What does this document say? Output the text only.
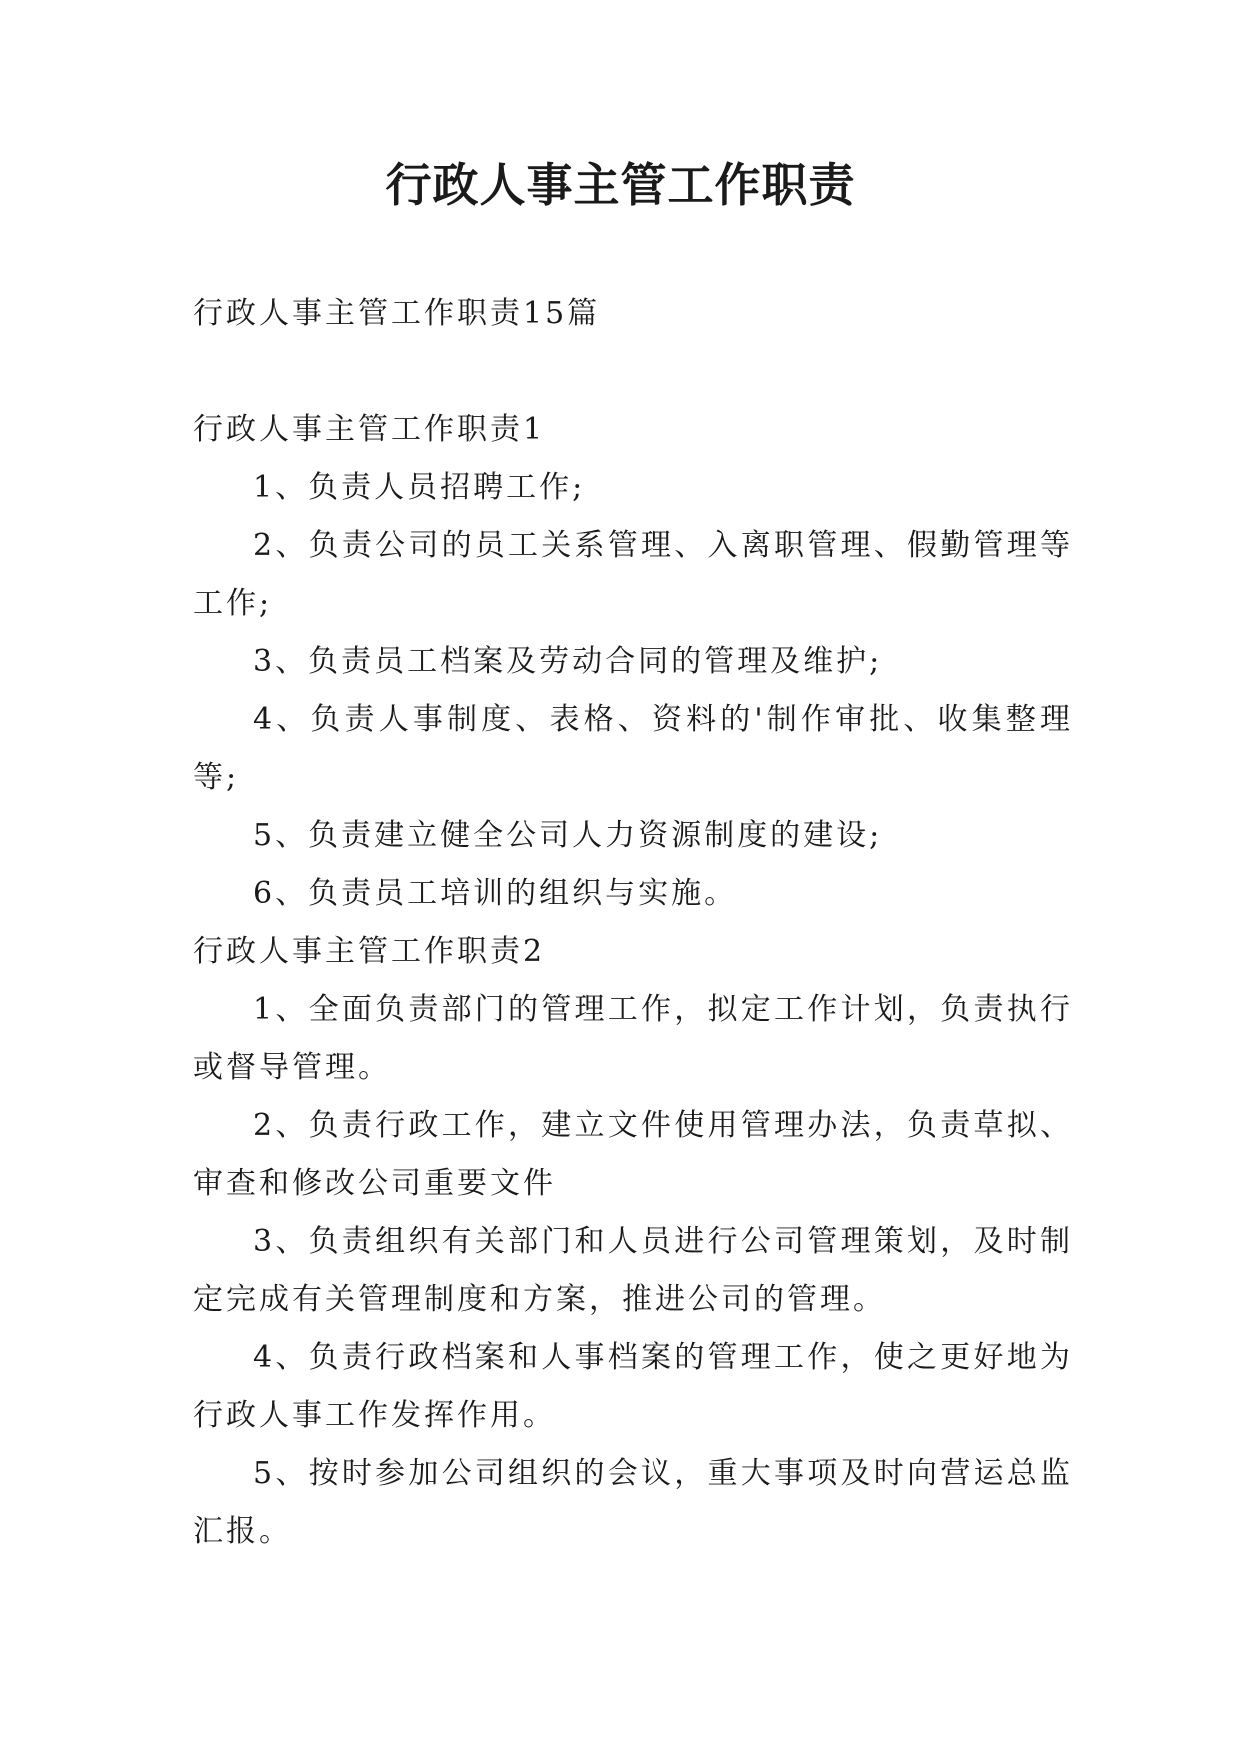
行政人事主管工作职责

行政人事主管工作职责15篇

行政人事主管工作职责1

1、负责人员招聘工作;

2、负责公司的员工关系管理、入离职管理、假勤管理等工作;

3、负责员工档案及劳动合同的管理及维护;

4、负责人事制度、表格、资料的'制作审批、收集整理等;

5、负责建立健全公司人力资源制度的建设;

6、负责员工培训的组织与实施。

行政人事主管工作职责2

1、全面负责部门的管理工作，拟定工作计划，负责执行或督导管理。

2、负责行政工作，建立文件使用管理办法，负责草拟、审查和修改公司重要文件

3、负责组织有关部门和人员进行公司管理策划，及时制定完成有关管理制度和方案，推进公司的管理。

4、负责行政档案和人事档案的管理工作，使之更好地为行政人事工作发挥作用。

5、按时参加公司组织的会议，重大事项及时向营运总监汇报。
